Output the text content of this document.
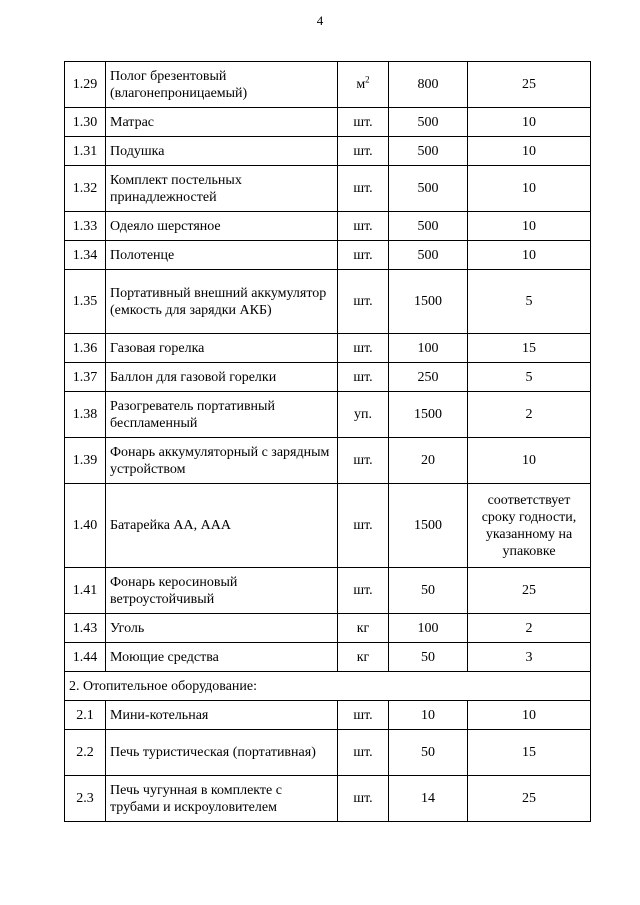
4
1.29	Полог брезентовый (влагонепроницаемый)	$м^2$	800	25
1.30	Матрас	шт.	500	10
1.31	Подушка	шт.	500	10
1.32	Комплект постельных принадлежностей	шт.	500	10
1.33	Одеяло шерстяное	шт.	500	10
1.34	Полотенце	шт.	500	10
1.35	Портативный внешний аккумулятор (емкость для зарядки АКБ)	шт.	1500	5
1.36	Газовая горелка	шт.	100	15
1.37	Баллон для газовой горелки	шт.	250	5
1.38	Разогреватель портативный беспламенный	уп.	1500	2
1.39	Фонарь аккумуляторный с зарядным устройством	шт.	20	10
1.40	Батарейка АА, ААА	шт.	1500	соответствует сроку годности, указанному на упаковке
1.41	Фонарь керосиновый ветроустойчивый	шт.	50	25
1.43	Уголь	кг	100	2
1.44	Моющие средства	кг	50	3
2. Отопительное оборудование:				
2.1	Мини-котельная	шт.	10	10
2.2	Печь туристическая (портативная)	шт.	50	15
2.3	Печь чугунная в комплекте с трубами и искроуловителем	шт.	14	25
